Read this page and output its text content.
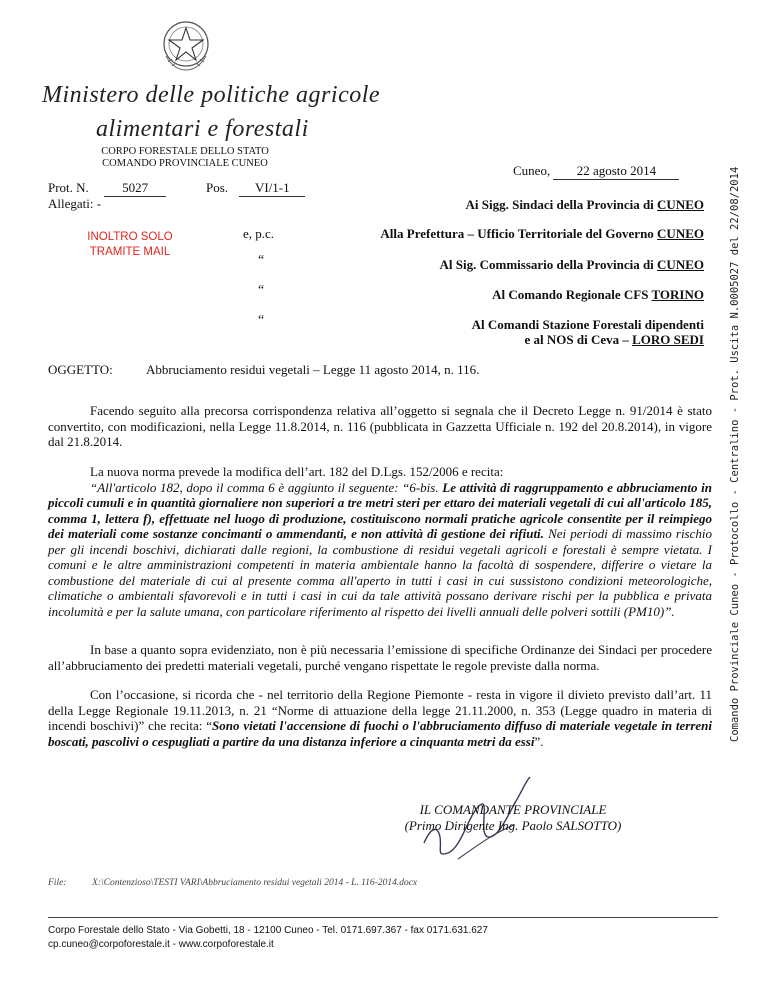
Ministero delle politiche agricole
alimentari e forestali
CORPO FORESTALE DELLO STATO
COMANDO PROVINCIALE CUNEO	Cuneo, 22 agosto 2014
Prot. N.	5027	Pos. VI/1-1
Allegati: -
INOLTRO SOLO
TRAMITE MAIL
Ai Sigg. Sindaci della Provincia di CUNEO
e, p.c.	Alla Prefettura – Ufficio Territoriale del Governo CUNEO
“	Al Sig. Commissario della Provincia di CUNEO
“	Al Comando Regionale CFS TORINO
“	Al Comandi Stazione Forestali dipendenti
e al NOS di Ceva – LORO SEDI
OGGETTO:	Abbruciamento residui vegetali – Legge 11 agosto 2014, n. 116.

Facendo seguito alla precorsa corrispondenza relativa all’oggetto si segnala che il Decreto Legge n. 91/2014 è stato convertito, con modificazioni, nella Legge 11.8.2014, n. 116 (pubblicata in Gazzetta Ufficiale n. 192 del 20.8.2014), in vigore dal 21.8.2014.

La nuova norma prevede la modifica dell’art. 182 del D.Lgs. 152/2006 e recita:

“All'articolo 182, dopo il comma 6 è aggiunto il seguente: “6-bis. Le attività di raggruppamento e abbruciamento in piccoli cumuli e in quantità giornaliere non superiori a tre metri steri per ettaro dei materiali vegetali di cui all'articolo 185, comma 1, lettera f), effettuate nel luogo di produzione, costituiscono normali pratiche agricole consentite per il reimpiego dei materiali come sostanze concimanti o ammendanti, e non attività di gestione dei rifiuti. Nei periodi di massimo rischio per gli incendi boschivi, dichiarati dalle regioni, la combustione di residui vegetali agricoli e forestali è sempre vietata. I comuni e le altre amministrazioni competenti in materia ambientale hanno la facoltà di sospendere, differire o vietare la combustione del materiale di cui al presente comma all'aperto in tutti i casi in cui sussistono condizioni meteorologiche, climatiche o ambientali sfavorevoli e in tutti i casi in cui da tale attività possano derivare rischi per la pubblica e privata incolumità e per la salute umana, con particolare riferimento al rispetto dei livelli annuali delle polveri sottili (PM10)”.

In base a quanto sopra evidenziato, non è più necessaria l’emissione di specifiche Ordinanze dei Sindaci per procedere all’abbruciamento dei predetti materiali vegetali, purché vengano rispettate le regole previste dalla norma.

Con l’occasione, si ricorda che - nel territorio della Regione Piemonte - resta in vigore il divieto previsto dall’art. 11 della Legge Regionale 19.11.2013, n. 21 “Norme di attuazione della legge 21.11.2000, n. 353 (Legge quadro in materia di incendi boschivi)” che recita: “Sono vietati l'accensione di fuochi o l'abbruciamento diffuso di materiale vegetale in terreni boscati, pascolivi o cespugliati a partire da una distanza inferiore a cinquanta metri da essi”.

IL COMANDANTE PROVINCIALE
(Primo Dirigente Ing. Paolo SALSOTTO)
File:	X:\Contenzioso\TESTI VARI\Abbruciamento residui vegetali 2014 - L. 116-2014.docx
Corpo Forestale dello Stato - Via Gobetti, 18 - 12100 Cuneo - Tel. 0171.697.367 - fax 0171.631.627
cp.cuneo@corpoforestale.it - www.corpoforestale.it
Comando Provinciale Cuneo - Protocollo - Centralino - Prot. Uscita N.0005027 del 22/08/2014
